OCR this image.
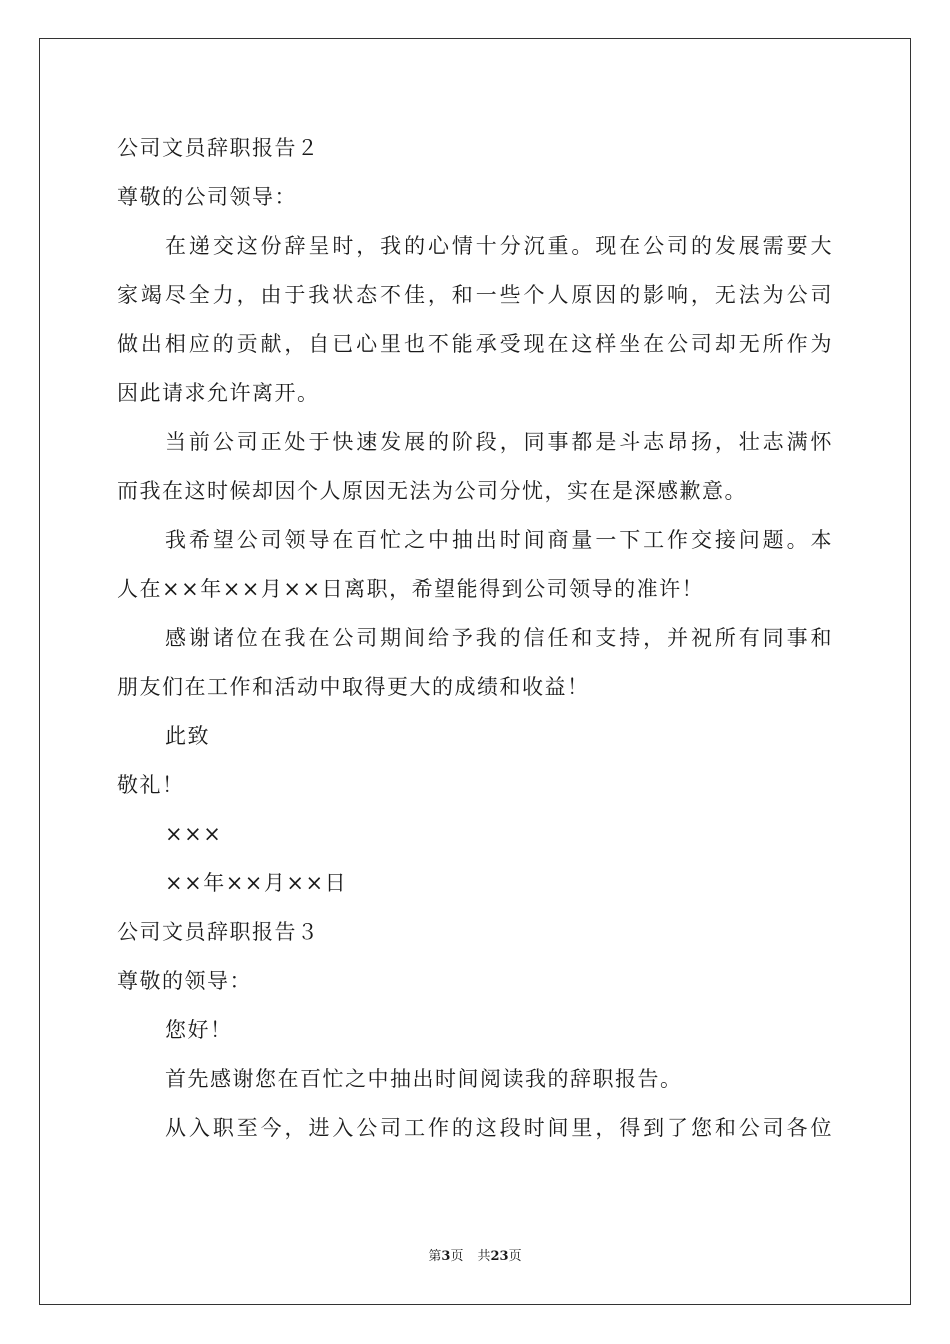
公司文员辞职报告２
尊敬的公司领导：
在递交这份辞呈时，我的心情十分沉重。现在公司的发展需要大
家竭尽全力，由于我状态不佳，和一些个人原因的影响，无法为公司
做出相应的贡献，自已心里也不能承受现在这样坐在公司却无所作为
因此请求允许离开。
当前公司正处于快速发展的阶段，同事都是斗志昂扬，壮志满怀
而我在这时候却因个人原因无法为公司分忧，实在是深感歉意。
我希望公司领导在百忙之中抽出时间商量一下工作交接问题。本
人在××年××月××日离职，希望能得到公司领导的准许！
感谢诸位在我在公司期间给予我的信任和支持，并祝所有同事和
朋友们在工作和活动中取得更大的成绩和收益！
此致
敬礼！
×××
××年××月××日
公司文员辞职报告３
尊敬的领导：
您好！
首先感谢您在百忙之中抽出时间阅读我的辞职报告。
从入职至今，进入公司工作的这段时间里，得到了您和公司各位
第3页 共23页
